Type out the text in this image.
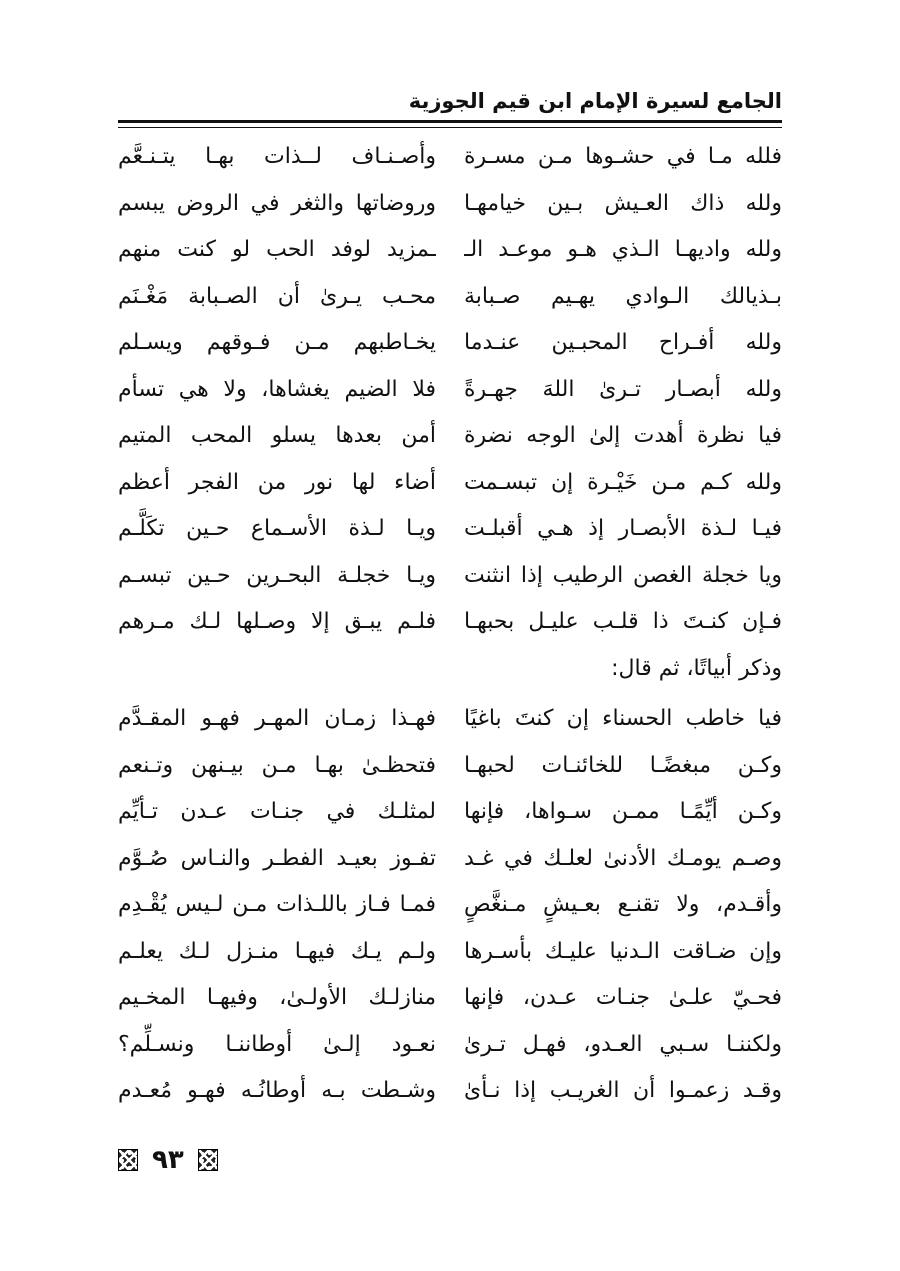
الجامع لسيرة الإمام ابن قيم الجوزية
فلله مـا في حشـوها مـن مسـرة
وأصـنـاف لــذات بهـا يتـنـعَّم
ولله ذاك العـيش بـين خيامهـا
وروضاتها والثغر في الروض يبسم
ولله واديهـا الـذي هـو موعـد الـ
ـمزيد لوفد الحب لو كنت منهم
بـذيالك الـوادي يهـيم صـبابة
محـب يـرىٰ أن الصـبابة مَغْـنَم
ولله أفـراح المحبـين عنـدما
يخـاطبهم مـن فـوقهم ويسـلم
ولله أبصـار تـرىٰ اللهَ جهـرةً
فلا الضيم يغشاها، ولا هي تسأم
فيا نظرة أهدت إلىٰ الوجه نضرة
أمن بعدها يسلو المحب المتيم
ولله كـم مـن خَيْـرة إن تبسـمت
أضاء لها نور من الفجر أعظم
فيـا لـذة الأبصـار إذ هـي أقبلـت
ويـا لـذة الأسـماع حـين تكَلَّـم
ويا خجلة الغصن الرطيب إذا انثنت
ويـا خجلـة البحـرين حـين تبسـم
فـإن كنـتَ ذا قلـب عليـل بحبهـا
فلـم يبـق إلا وصـلها لـك مـرهم
وذكر أبياتًا، ثم قال:
فيا خاطب الحسناء إن كنتَ باغيًا
فهـذا زمـان المهـر فهـو المقـدَّم
وكـن مبغضًـا للخائنـات لحبهـا
فتحظـىٰ بهـا مـن بيـنهن وتـنعم
وكـن أيِّمًـا ممـن سـواها، فإنها
لمثلـك في جنـات عـدن تـأيِّم
وصـم يومـك الأدنىٰ لعلـك في غـد
تفـوز بعيـد الفطـر والنـاس صُـوَّم
وأقـدم، ولا تقنـع بعـيشٍ مـنغَّصٍ
فمـا فـاز باللـذات مـن لـيس يُقْـدِم
وإن ضـاقت الـدنيا عليـك بأسـرها
ولـم يـك فيهـا منـزل لـك يعلـم
فحـيّ علـىٰ جنـات عـدن، فإنها
منازلـك الأولـىٰ، وفيهـا المخـيم
ولكننـا سـبي العـدو، فهـل تـرىٰ
نعـود إلـىٰ أوطاننـا ونسـلِّم؟
وقـد زعمـوا أن الغريـب إذا نـأىٰ
وشـطت بـه أوطانُـه فهـو مُعـدم
٩٣
